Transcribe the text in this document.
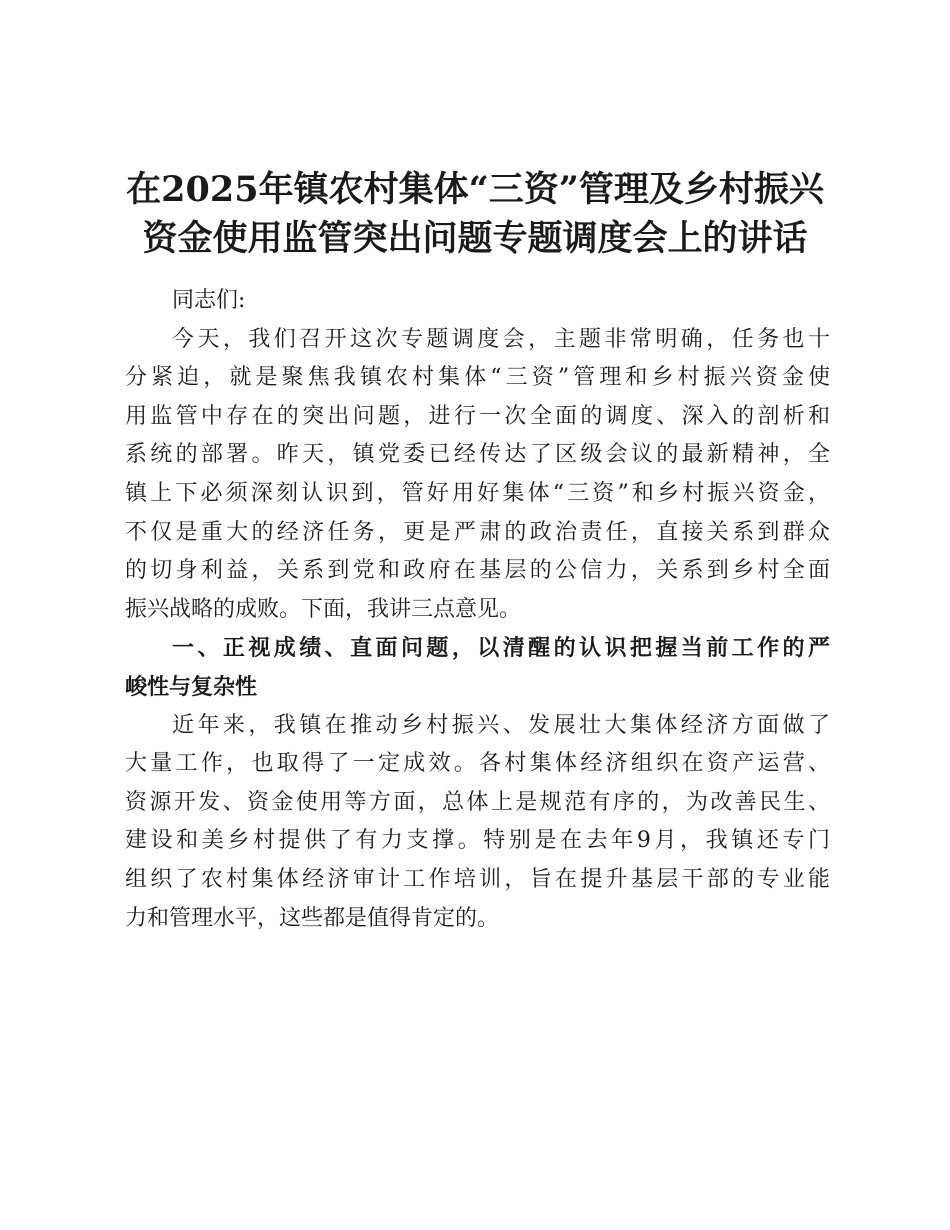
在2025年镇农村集体“三资”管理及乡村振兴
资金使用监管突出问题专题调度会上的讲话

同志们:

今天，我们召开这次专题调度会，主题非常明确，任务也十
分紧迫，就是聚焦我镇农村集体“三资”管理和乡村振兴资金使
用监管中存在的突出问题，进行一次全面的调度、深入的剖析和
系统的部署。昨天，镇党委已经传达了区级会议的最新精神，全
镇上下必须深刻认识到，管好用好集体“三资”和乡村振兴资金，
不仅是重大的经济任务，更是严肃的政治责任，直接关系到群众
的切身利益，关系到党和政府在基层的公信力，关系到乡村全面
振兴战略的成败。下面，我讲三点意见。

一、正视成绩、直面问题，以清醒的认识把握当前工作的严
峻性与复杂性

近年来，我镇在推动乡村振兴、发展壮大集体经济方面做了
大量工作，也取得了一定成效。各村集体经济组织在资产运营、
资源开发、资金使用等方面，总体上是规范有序的，为改善民生、
建设和美乡村提供了有力支撑。特别是在去年9月，我镇还专门
组织了农村集体经济审计工作培训，旨在提升基层干部的专业能
力和管理水平，这些都是值得肯定的。
